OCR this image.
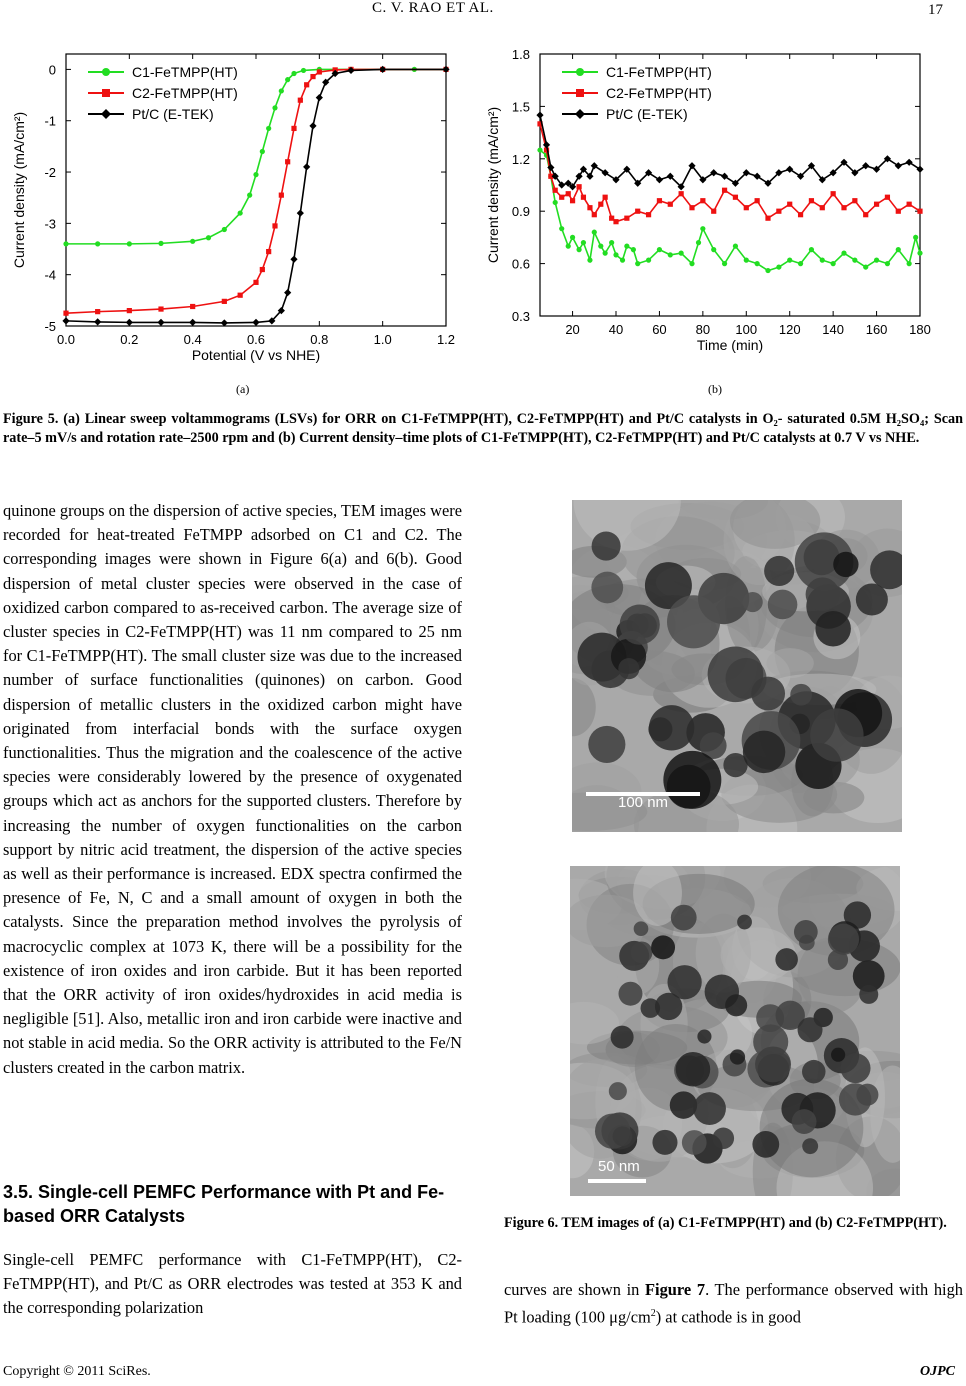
C. V. RAO ET AL.	17
0.0	0.2	0.4	0.6	0.8	1.0	1.2
0
-1
-2
-3
-4
-5
Potential (V vs NHE)
Current density (mA/cm²)
C1-FeTMPP(HT)
C2-FeTMPP(HT)
Pt/C (E-TEK)
20 40 60 80 100 120 140 160 180
0.3
0.6
0.9
1.2
1.5
1.8
Time (min)
Current density (mA/cm²)
C1-FeTMPP(HT)
C2-FeTMPP(HT)
Pt/C (E-TEK)
(a)	(b)
Figure 5. (a) Linear sweep voltammograms (LSVs) for ORR on C1-FeTMPP(HT), C2-FeTMPP(HT) and Pt/C catalysts in O₂- saturated 0.5M H₂SO₄; Scan rate–5 mV/s and rotation rate–2500 rpm and (b) Current density–time plots of C1-FeTMPP(HT), C2-FeTMPP(HT) and Pt/C catalysts at 0.7 V vs NHE.

quinone groups on the dispersion of active species, TEM images were recorded for heat-treated FeTMPP adsorbed on C1 and C2. The corresponding images were shown in Figure 6(a) and 6(b). Good dispersion of metal cluster species were observed in the case of oxidized carbon compared to as-received carbon. The average size of cluster species in C2-FeTMPP(HT) was 11 nm compared to 25 nm for C1-FeTMPP(HT). The small cluster size was due to the increased number of surface functionalities (quinones) on carbon. Good dispersion of metallic clusters in the oxidized carbon might have originated from interfacial bonds with the surface oxygen functionalities. Thus the migration and the coalescence of the active species were considerably lowered by the presence of oxygenated groups which act as anchors for the supported clusters. Therefore by increasing the number of oxygen functionalities on the carbon support by nitric acid treatment, the dispersion of the active species as well as their performance is increased. EDX spectra confirmed the presence of Fe, N, C and a small amount of oxygen in both the catalysts. Since the preparation method involves the pyrolysis of macrocyclic complex at 1073 K, there will be a possibility for the existence of iron oxides and iron carbide. But it has been reported that the ORR activity of iron oxides/hydroxides in acid media is negligible [51]. Also, metallic iron and iron carbide were inactive and not stable in acid media. So the ORR activity is attributed to the Fe/N clusters created in the carbon matrix.

3.5. Single-cell PEMFC Performance with Pt and Fe-based ORR Catalysts
Single-cell PEMFC performance with C1-FeTMPP(HT), C2-FeTMPP(HT), and Pt/C as ORR electrodes was tested at 353 K and the corresponding polarization
100 nm
50 nm
Figure 6. TEM images of (a) C1-FeTMPP(HT) and (b) C2-FeTMPP(HT).
curves are shown in Figure 7. The performance observed with high Pt loading (100 $\mu g/cm^2$) at cathode is in good
Copyright © 2011 SciRes.	OJPC
